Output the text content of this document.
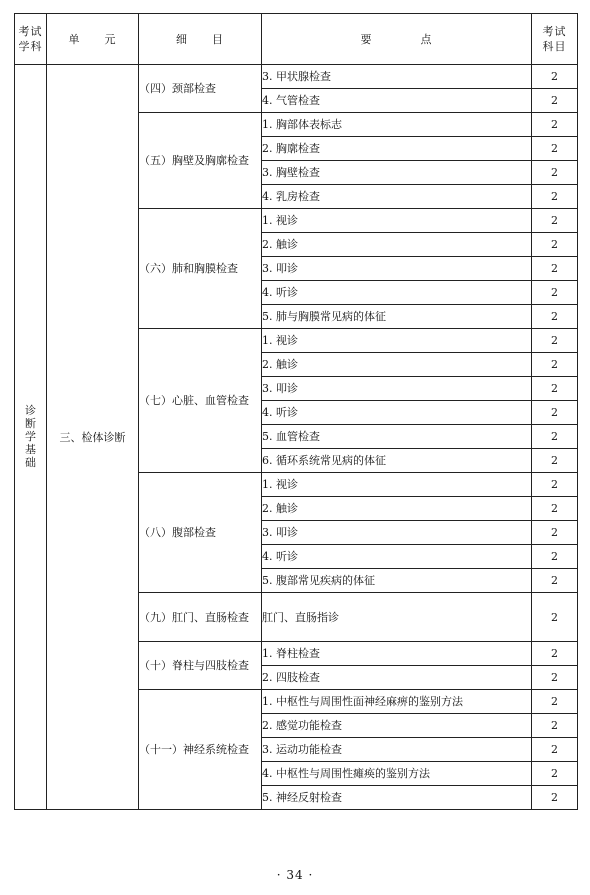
考试学科	单　　元	细　　目	要　　　　点	考试科目
诊断学基础	三、检体诊断	（四）颈部检查	3. 甲状腺检查	2
			4. 气管检查	2
		（五）胸壁及胸廓检查	1. 胸部体表标志	2
			2. 胸廓检查	2
			3. 胸壁检查	2
			4. 乳房检查	2
		（六）肺和胸膜检查	1. 视诊	2
			2. 触诊	2
			3. 叩诊	2
			4. 听诊	2
			5. 肺与胸膜常见病的体征	2
		（七）心脏、血管检查	1. 视诊	2
			2. 触诊	2
			3. 叩诊	2
			4. 听诊	2
			5. 血管检查	2
			6. 循环系统常见病的体征	2
		（八）腹部检查	1. 视诊	2
			2. 触诊	2
			3. 叩诊	2
			4. 听诊	2
			5. 腹部常见疾病的体征	2
		（九）肛门、直肠检查	肛门、直肠指诊	2
		（十）脊柱与四肢检查	1. 脊柱检查	2
			2. 四肢检查	2
		（十一）神经系统检查	1. 中枢性与周围性面神经麻痹的鉴别方法	2
			2. 感觉功能检查	2
			3. 运动功能检查	2
			4. 中枢性与周围性瘫痪的鉴别方法	2
			5. 神经反射检查	2
· 34 ·
